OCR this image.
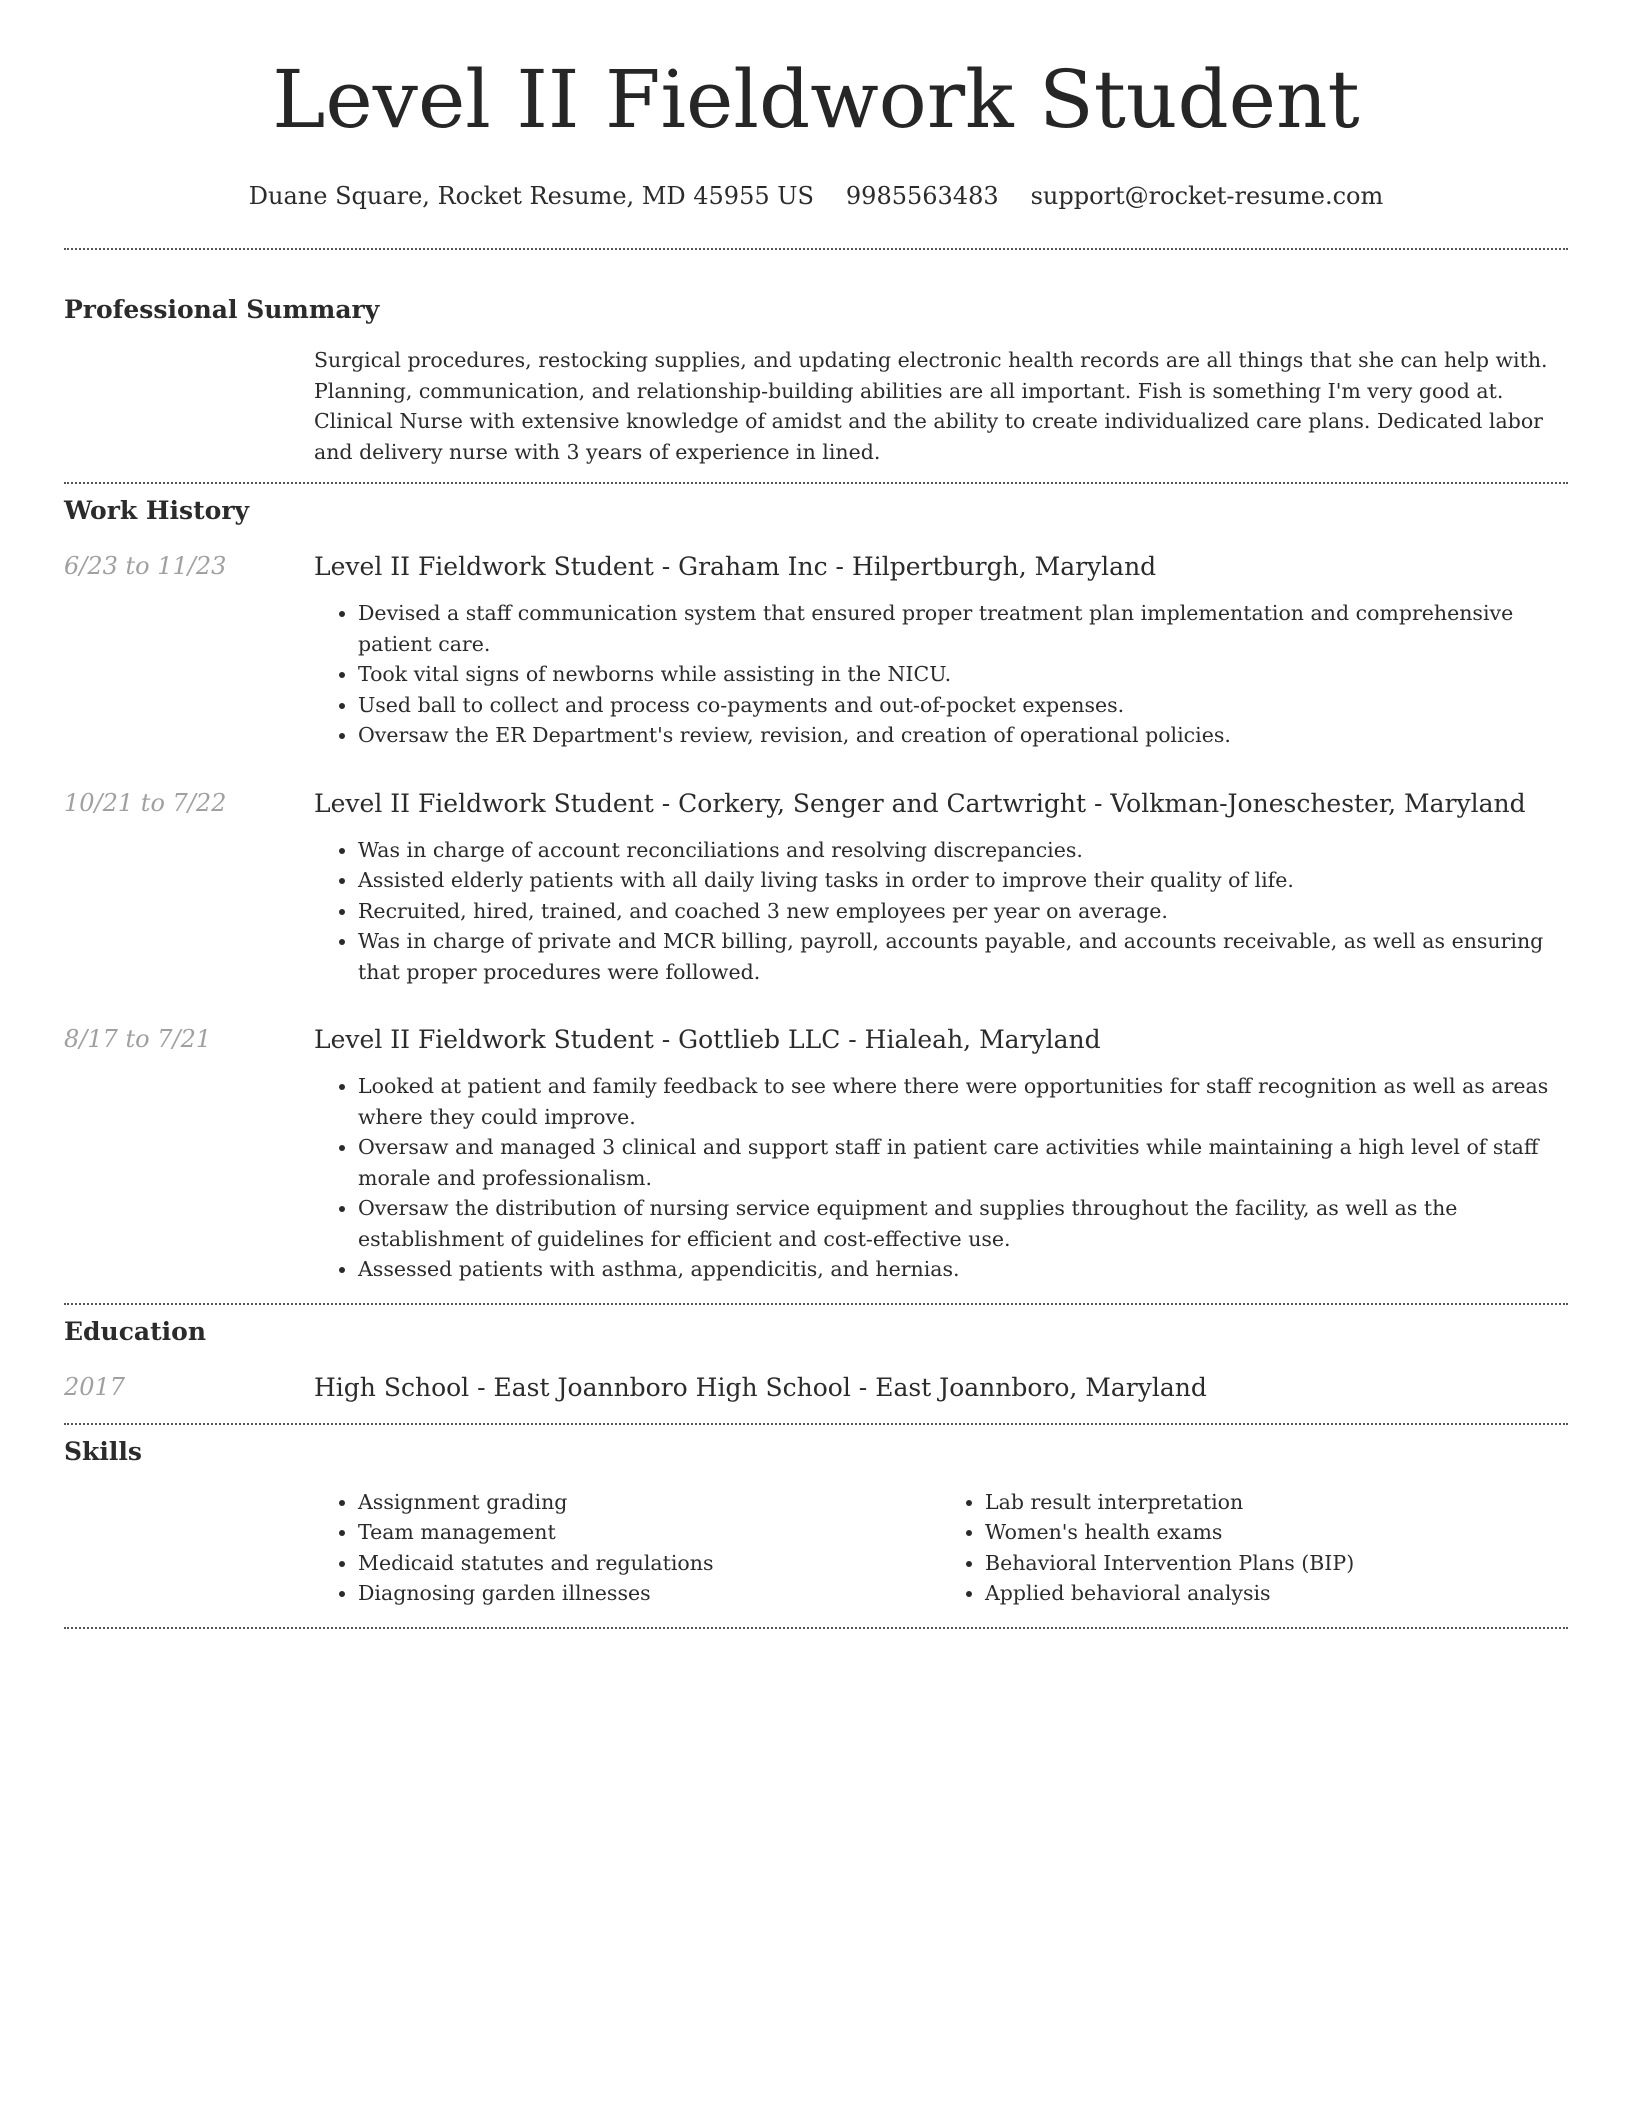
Level II Fieldwork Student
Duane Square, Rocket Resume, MD 45955 US 9985563483 support@rocket-resume.com
Professional Summary
Surgical procedures, restocking supplies, and updating electronic health records are all things that she can help with. Planning, communication, and relationship-building abilities are all important. Fish is something I'm very good at. Clinical Nurse with extensive knowledge of amidst and the ability to create individualized care plans. Dedicated labor and delivery nurse with 3 years of experience in lined.
Work History
6/23 to 11/23	Level II Fieldwork Student - Graham Inc - Hilpertburgh, Maryland
• Devised a staff communication system that ensured proper treatment plan implementation and comprehensive patient care.
• Took vital signs of newborns while assisting in the NICU.
• Used ball to collect and process co-payments and out-of-pocket expenses.
• Oversaw the ER Department's review, revision, and creation of operational policies.
10/21 to 7/22	Level II Fieldwork Student - Corkery, Senger and Cartwright - Volkman-Joneschester, Maryland
• Was in charge of account reconciliations and resolving discrepancies.
• Assisted elderly patients with all daily living tasks in order to improve their quality of life.
• Recruited, hired, trained, and coached 3 new employees per year on average.
• Was in charge of private and MCR billing, payroll, accounts payable, and accounts receivable, as well as ensuring that proper procedures were followed.
8/17 to 7/21	Level II Fieldwork Student - Gottlieb LLC - Hialeah, Maryland
• Looked at patient and family feedback to see where there were opportunities for staff recognition as well as areas where they could improve.
• Oversaw and managed 3 clinical and support staff in patient care activities while maintaining a high level of staff morale and professionalism.
• Oversaw the distribution of nursing service equipment and supplies throughout the facility, as well as the establishment of guidelines for efficient and cost-effective use.
• Assessed patients with asthma, appendicitis, and hernias.
Education
2017	High School - East Joannboro High School - East Joannboro, Maryland
Skills
• Assignment grading
• Team management
• Medicaid statutes and regulations
• Diagnosing garden illnesses
• Lab result interpretation
• Women's health exams
• Behavioral Intervention Plans (BIP)
• Applied behavioral analysis
